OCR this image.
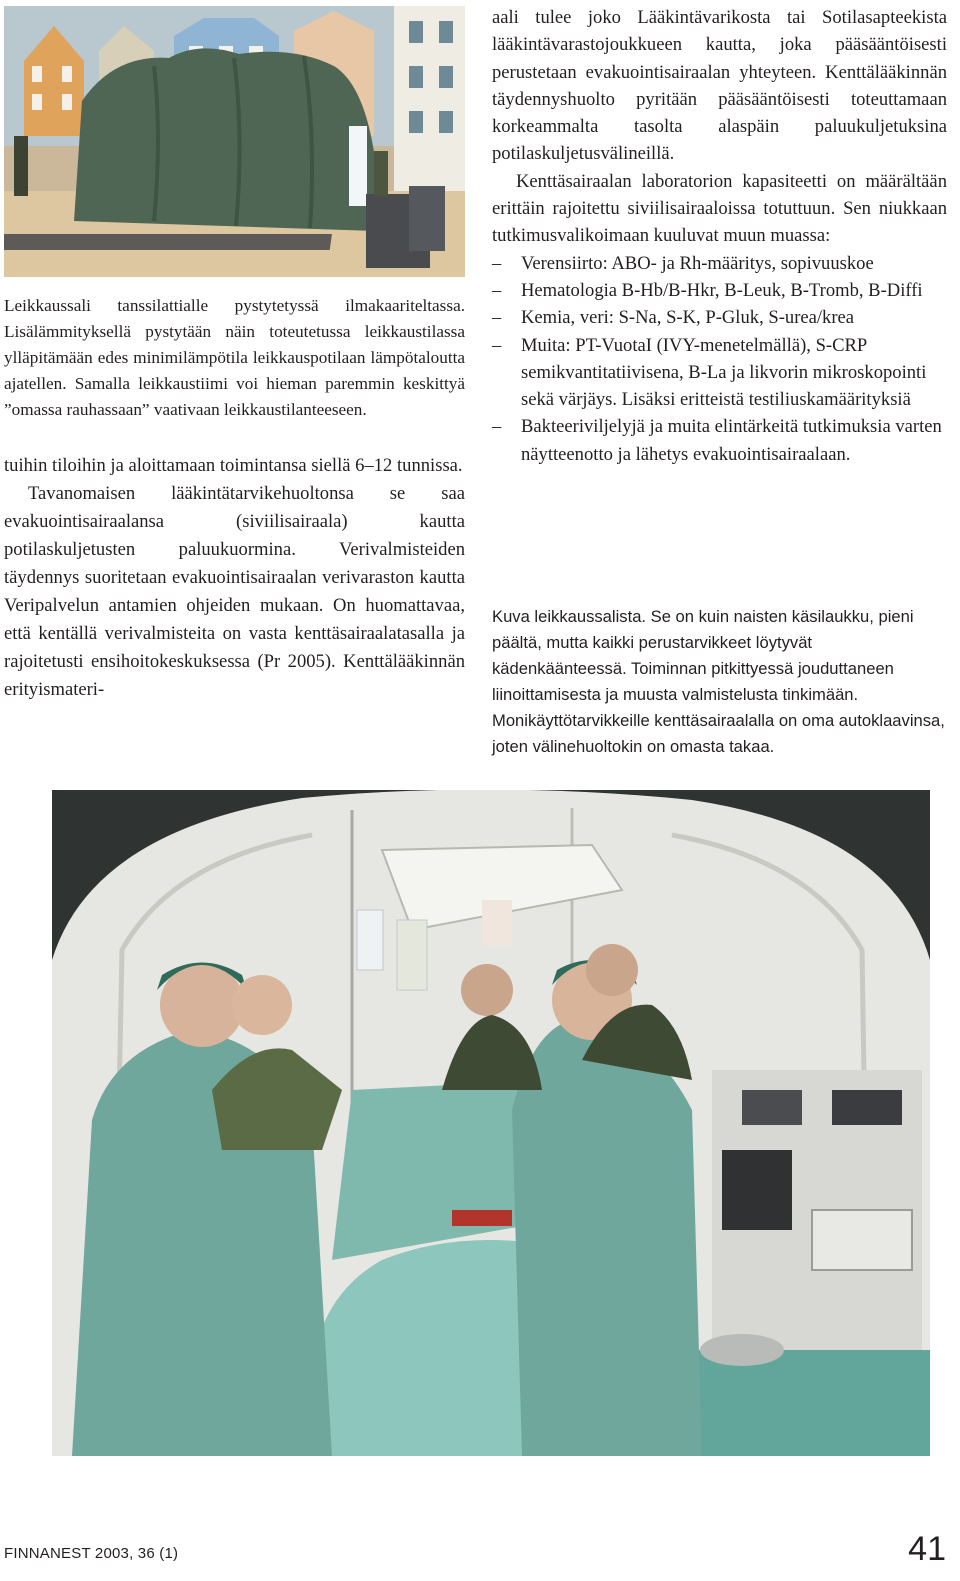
Leikkaussali tanssilattialle pystytetyssä ilmakaariteltassa. Lisälämmityksellä pystytään näin toteutetussa leikkaustilassa ylläpitämään edes minimilämpötila leikkauspotilaan lämpötaloutta ajatellen. Samalla leikkaustiimi voi hieman paremmin keskittyä ”omassa rauhassaan” vaativaan leikkaustilanteeseen.

tuihin tiloihin ja aloittamaan toimintansa siellä 6–12 tunnissa.

Tavanomaisen lääkintätarvikehuoltonsa se saa evakuointisairaalansa (siviilisairaala) kautta potilaskuljetusten paluukuormina. Verivalmisteiden täydennys suoritetaan evakuointisairaalan verivaraston kautta Veripalvelun antamien ohjeiden mukaan. On huomattavaa, että kentällä verivalmisteita on vasta kenttäsairaalatasalla ja rajoitetusti ensihoitokeskuksessa (Pr 2005). Kenttälääkinnän erityismateri-

aali tulee joko Lääkintävarikosta tai Sotilasapteekista lääkintävarastojoukkueen kautta, joka pääsääntöisesti perustetaan evakuointisairaalan yhteyteen. Kenttälääkinnän täydennyshuolto pyritään pääsääntöisesti toteuttamaan korkeammalta tasolta alaspäin paluukuljetuksina potilaskuljetusvälineillä.

Kenttäsairaalan laboratorion kapasiteetti on määrältään erittäin rajoitettu siviilisairaaloissa totuttuun. Sen niukkaan tutkimusvalikoimaan kuuluvat muun muassa:

– Verensiirto: ABO- ja Rh-määritys, sopivuuskoe
– Hematologia B-Hb/B-Hkr, B-Leuk, B-Tromb, B-Diffi
– Kemia, veri: S-Na, S-K, P-Gluk, S-urea/krea
– Muita: PT-VuotaI (IVY-menetelmällä), S-CRP semikvantitatiivisena, B-La ja likvorin mikroskopointi sekä värjäys. Lisäksi eritteistä testiliuskamäärityksiä
– Bakteeriviljelyjä ja muita elintärkeitä tutkimuksia varten näytteenotto ja lähetys evakuointisairaalaan.
Kuva leikkaussalista. Se on kuin naisten käsilaukku, pieni päältä, mutta kaikki perustarvikkeet löytyvät kädenkäänteessä. Toiminnan pitkittyessä jouduttaneen liinoittamisesta ja muusta valmistelusta tinkimään. Monikäyttötarvikkeille kenttäsairaalalla on oma autoklaavinsa, joten välinehuoltokin on omasta takaa.
FINNANEST 2003, 36 (1)	41
